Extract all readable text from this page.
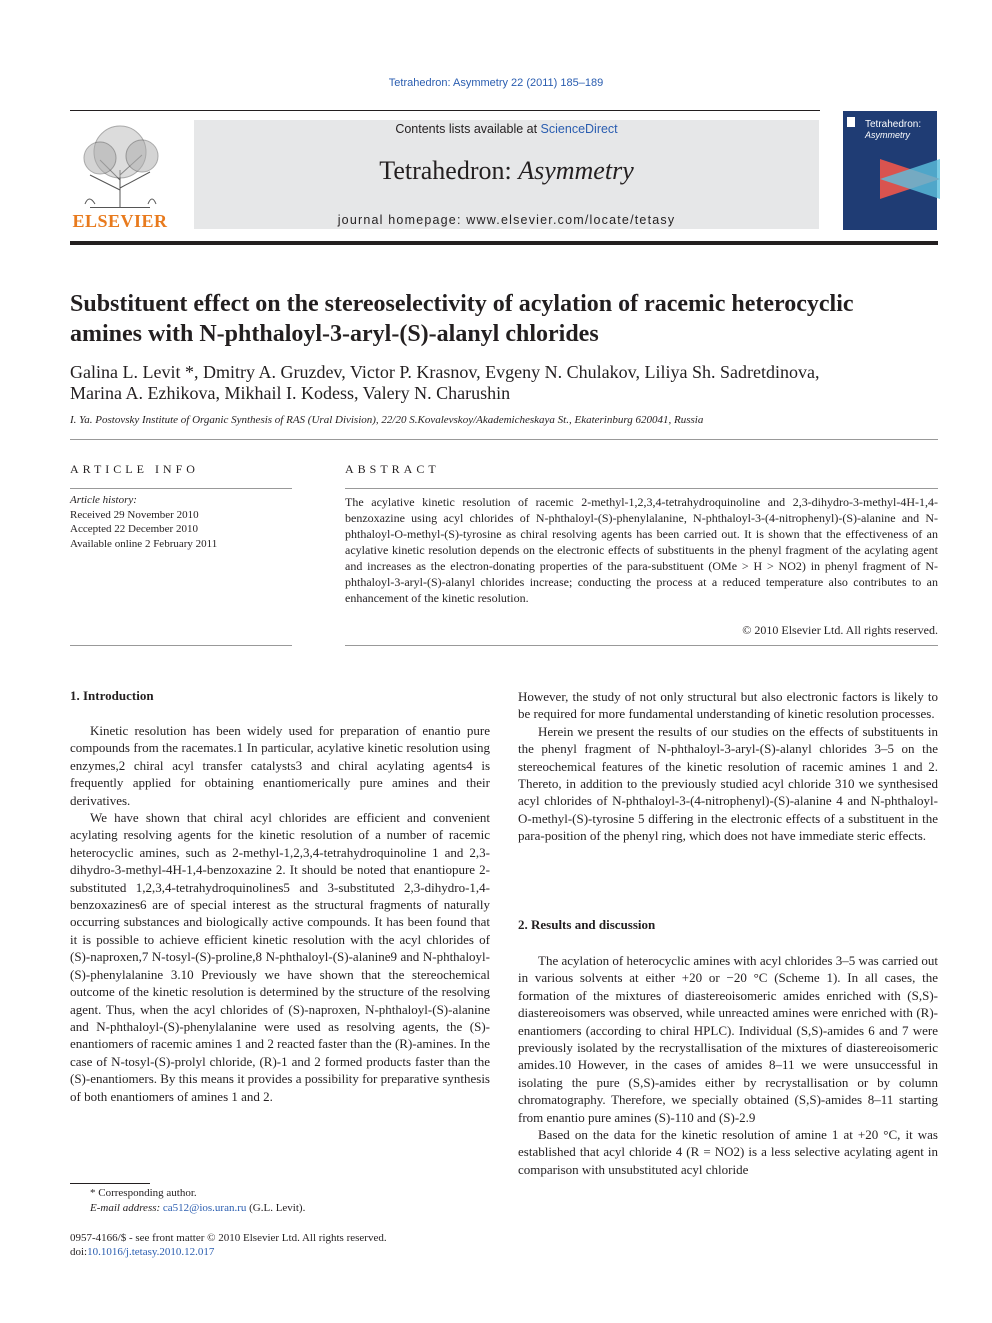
Tetrahedron: Asymmetry 22 (2011) 185–189
ELSEVIER
Contents lists available at ScienceDirect
Tetrahedron: Asymmetry
journal homepage: www.elsevier.com/locate/tetasy
Tetrahedron:
Asymmetry
Substituent effect on the stereoselectivity of acylation of racemic heterocyclic amines with N-phthaloyl-3-aryl-(S)-alanyl chlorides
Galina L. Levit *, Dmitry A. Gruzdev, Victor P. Krasnov, Evgeny N. Chulakov, Liliya Sh. Sadretdinova,
Marina A. Ezhikova, Mikhail I. Kodess, Valery N. Charushin
I. Ya. Postovsky Institute of Organic Synthesis of RAS (Ural Division), 22/20 S.Kovalevskoy/Akademicheskaya St., Ekaterinburg 620041, Russia
ARTICLE INFO	ABSTRACT
Article history:
Received 29 November 2010
Accepted 22 December 2010
Available online 2 February 2011
The acylative kinetic resolution of racemic 2-methyl-1,2,3,4-tetrahydroquinoline and 2,3-dihydro-3-methyl-4H-1,4-benzoxazine using acyl chlorides of N-phthaloyl-(S)-phenylalanine, N-phthaloyl-3-(4-nitrophenyl)-(S)-alanine and N-phthaloyl-O-methyl-(S)-tyrosine as chiral resolving agents has been carried out. It is shown that the effectiveness of an acylative kinetic resolution depends on the electronic effects of substituents in the phenyl fragment of the acylating agent and increases as the electron-donating properties of the para-substituent (OMe > H > NO2) in phenyl fragment of N-phthaloyl-3-aryl-(S)-alanyl chlorides increase; conducting the process at a reduced temperature also contributes to an enhancement of the kinetic resolution.
© 2010 Elsevier Ltd. All rights reserved.
1. Introduction

Kinetic resolution has been widely used for preparation of enantio pure compounds from the racemates.1 In particular, acylative kinetic resolution using enzymes,2 chiral acyl transfer catalysts3 and chiral acylating agents4 is frequently applied for obtaining enantiomerically pure amines and their derivatives.

We have shown that chiral acyl chlorides are efficient and convenient acylating resolving agents for the kinetic resolution of a number of racemic heterocyclic amines, such as 2-methyl-1,2,3,4-tetrahydroquinoline 1 and 2,3-dihydro-3-methyl-4H-1,4-benzoxazine 2. It should be noted that enantiopure 2-substituted 1,2,3,4-tetrahydroquinolines5 and 3-substituted 2,3-dihydro-1,4-benzoxazines6 are of special interest as the structural fragments of naturally occurring substances and biologically active compounds. It has been found that it is possible to achieve efficient kinetic resolution with the acyl chlorides of (S)-naproxen,7 N-tosyl-(S)-proline,8 N-phthaloyl-(S)-alanine9 and N-phthaloyl-(S)-phenylalanine 3.10 Previously we have shown that the stereochemical outcome of the kinetic resolution is determined by the structure of the resolving agent. Thus, when the acyl chlorides of (S)-naproxen, N-phthaloyl-(S)-alanine and N-phthaloyl-(S)-phenylalanine were used as resolving agents, the (S)-enantiomers of racemic amines 1 and 2 reacted faster than the (R)-amines. In the case of N-tosyl-(S)-prolyl chloride, (R)-1 and 2 formed products faster than the (S)-enantiomers. By this means it provides a possibility for preparative synthesis of both enantiomers of amines 1 and 2.

However, the study of not only structural but also electronic factors is likely to be required for more fundamental understanding of kinetic resolution processes.

Herein we present the results of our studies on the effects of substituents in the phenyl fragment of N-phthaloyl-3-aryl-(S)-alanyl chlorides 3–5 on the stereochemical features of the kinetic resolution of racemic amines 1 and 2. Thereto, in addition to the previously studied acyl chloride 310 we synthesised acyl chlorides of N-phthaloyl-3-(4-nitrophenyl)-(S)-alanine 4 and N-phthaloyl-O-methyl-(S)-tyrosine 5 differing in the electronic effects of a substituent in the para-position of the phenyl ring, which does not have immediate steric effects.

2. Results and discussion

The acylation of heterocyclic amines with acyl chlorides 3–5 was carried out in various solvents at either +20 or −20 °C (Scheme 1). In all cases, the formation of the mixtures of diastereoisomeric amides enriched with (S,S)-diastereoisomers was observed, while unreacted amines were enriched with (R)-enantiomers (according to chiral HPLC). Individual (S,S)-amides 6 and 7 were previously isolated by the recrystallisation of the mixtures of diastereoisomeric amides.10 However, in the cases of amides 8–11 we were unsuccessful in isolating the pure (S,S)-amides either by recrystallisation or by column chromatography. Therefore, we specially obtained (S,S)-amides 8–11 starting from enantio pure amines (S)-110 and (S)-2.9

Based on the data for the kinetic resolution of amine 1 at +20 °C, it was established that acyl chloride 4 (R = NO2) is a less selective acylating agent in comparison with unsubstituted acyl chloride

* Corresponding author.
E-mail address: ca512@ios.uran.ru (G.L. Levit).
0957-4166/$ - see front matter © 2010 Elsevier Ltd. All rights reserved.
doi:10.1016/j.tetasy.2010.12.017
